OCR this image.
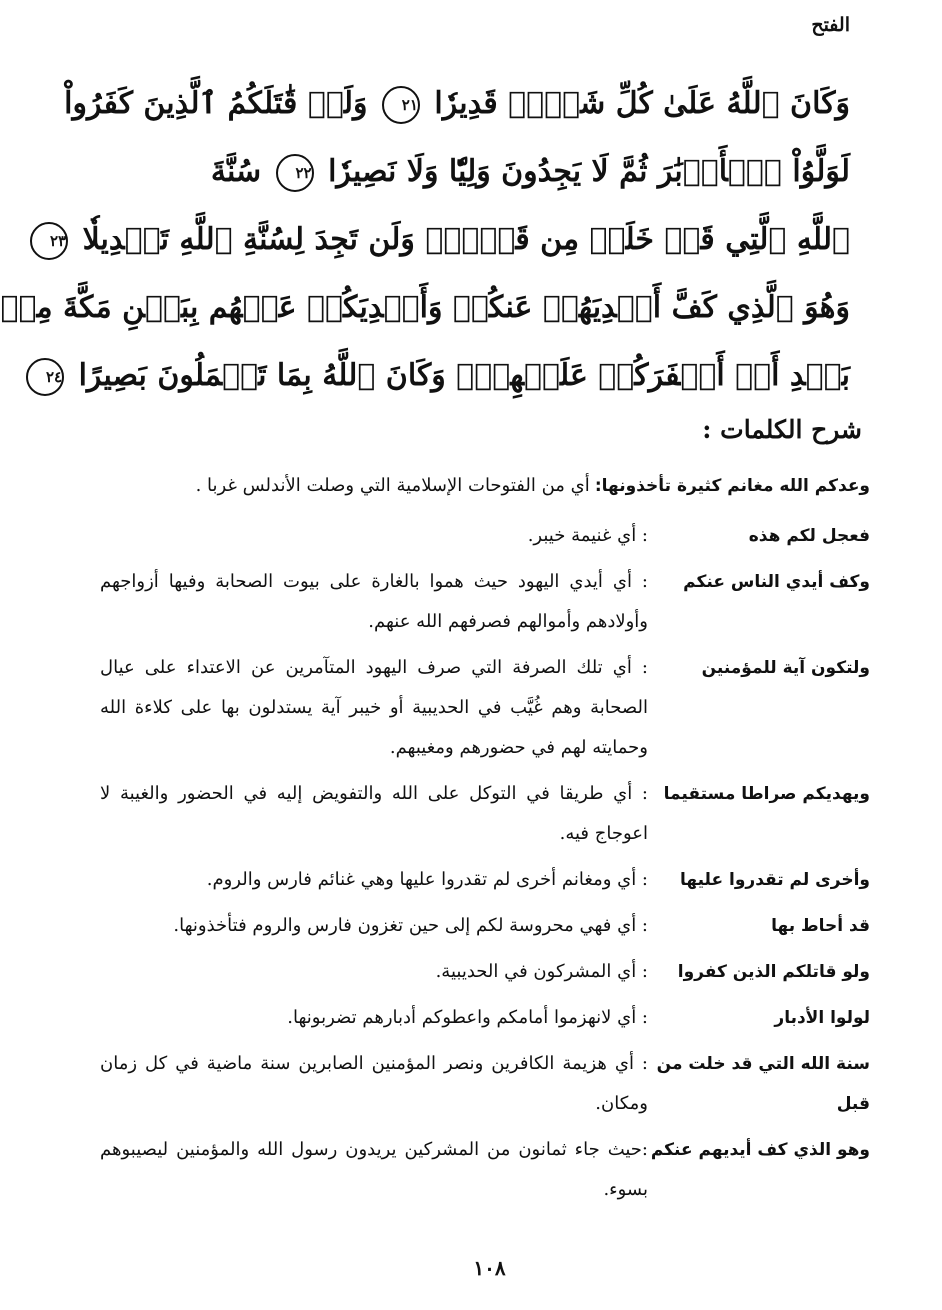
الفتح
وَكَانَ ٱللَّهُ عَلَىٰ كُلِّ شَيۡءٖ قَدِيرٗا ٢١ وَلَوۡ قَٰتَلَكُمُ ٱلَّذِينَ كَفَرُواْ
لَوَلَّوُاْ ٱلۡأَدۡبَٰرَ ثُمَّ لَا يَجِدُونَ وَلِيّٗا وَلَا نَصِيرٗا ٢٢ سُنَّةَ
ٱللَّهِ ٱلَّتِي قَدۡ خَلَتۡ مِن قَبۡلُۖ وَلَن تَجِدَ لِسُنَّةِ ٱللَّهِ تَبۡدِيلٗا ٢٣
وَهُوَ ٱلَّذِي كَفَّ أَيۡدِيَهُمۡ عَنكُمۡ وَأَيۡدِيَكُمۡ عَنۡهُم بِبَطۡنِ مَكَّةَ مِنۢ
بَعۡدِ أَنۡ أَظۡفَرَكُمۡ عَلَيۡهِمۡۚ وَكَانَ ٱللَّهُ بِمَا تَعۡمَلُونَ بَصِيرًا ٢٤
شرح الكلمات :
وعدكم الله مغانم كثيرة تأخذونها: أي من الفتوحات الإسلامية التي وصلت الأندلس غربا .
فعجل لكم هذه
: أي غنيمة خيبر.
وكف أيدي الناس عنكم
: أي أيدي اليهود حيث هموا بالغارة على بيوت الصحابة وفيها أزواجهم وأولادهم وأموالهم فصرفهم الله عنهم.
ولتكون آية للمؤمنين
: أي تلك الصرفة التي صرف اليهود المتآمرين عن الاعتداء على عيال الصحابة وهم غُيَّب في الحديبية أو خيبر آية يستدلون بها على كلاءة الله وحمايته لهم في حضورهم ومغيبهم.
ويهديكم صراطا مستقيما
: أي طريقا في التوكل على الله والتفويض إليه في الحضور والغيبة لا اعوجاج فيه.
وأخرى لم تقدروا عليها
: أي ومغانم أخرى لم تقدروا عليها وهي غنائم فارس والروم.
قد أحاط بها
: أي فهي محروسة لكم إلى حين تغزون فارس والروم فتأخذونها.
ولو قاتلكم الذين كفروا
: أي المشركون في الحديبية.
لولوا الأدبار
: أي لانهزموا أمامكم واعطوكم أدبارهم تضربونها.
سنة الله التي قد خلت من قبل
: أي هزيمة الكافرين ونصر المؤمنين الصابرين سنة ماضية في كل زمان ومكان.
وهو الذي كف أيديهم عنكم
:حيث جاء ثمانون من المشركين يريدون رسول الله والمؤمنين ليصيبوهم بسوء.
١٠٨
